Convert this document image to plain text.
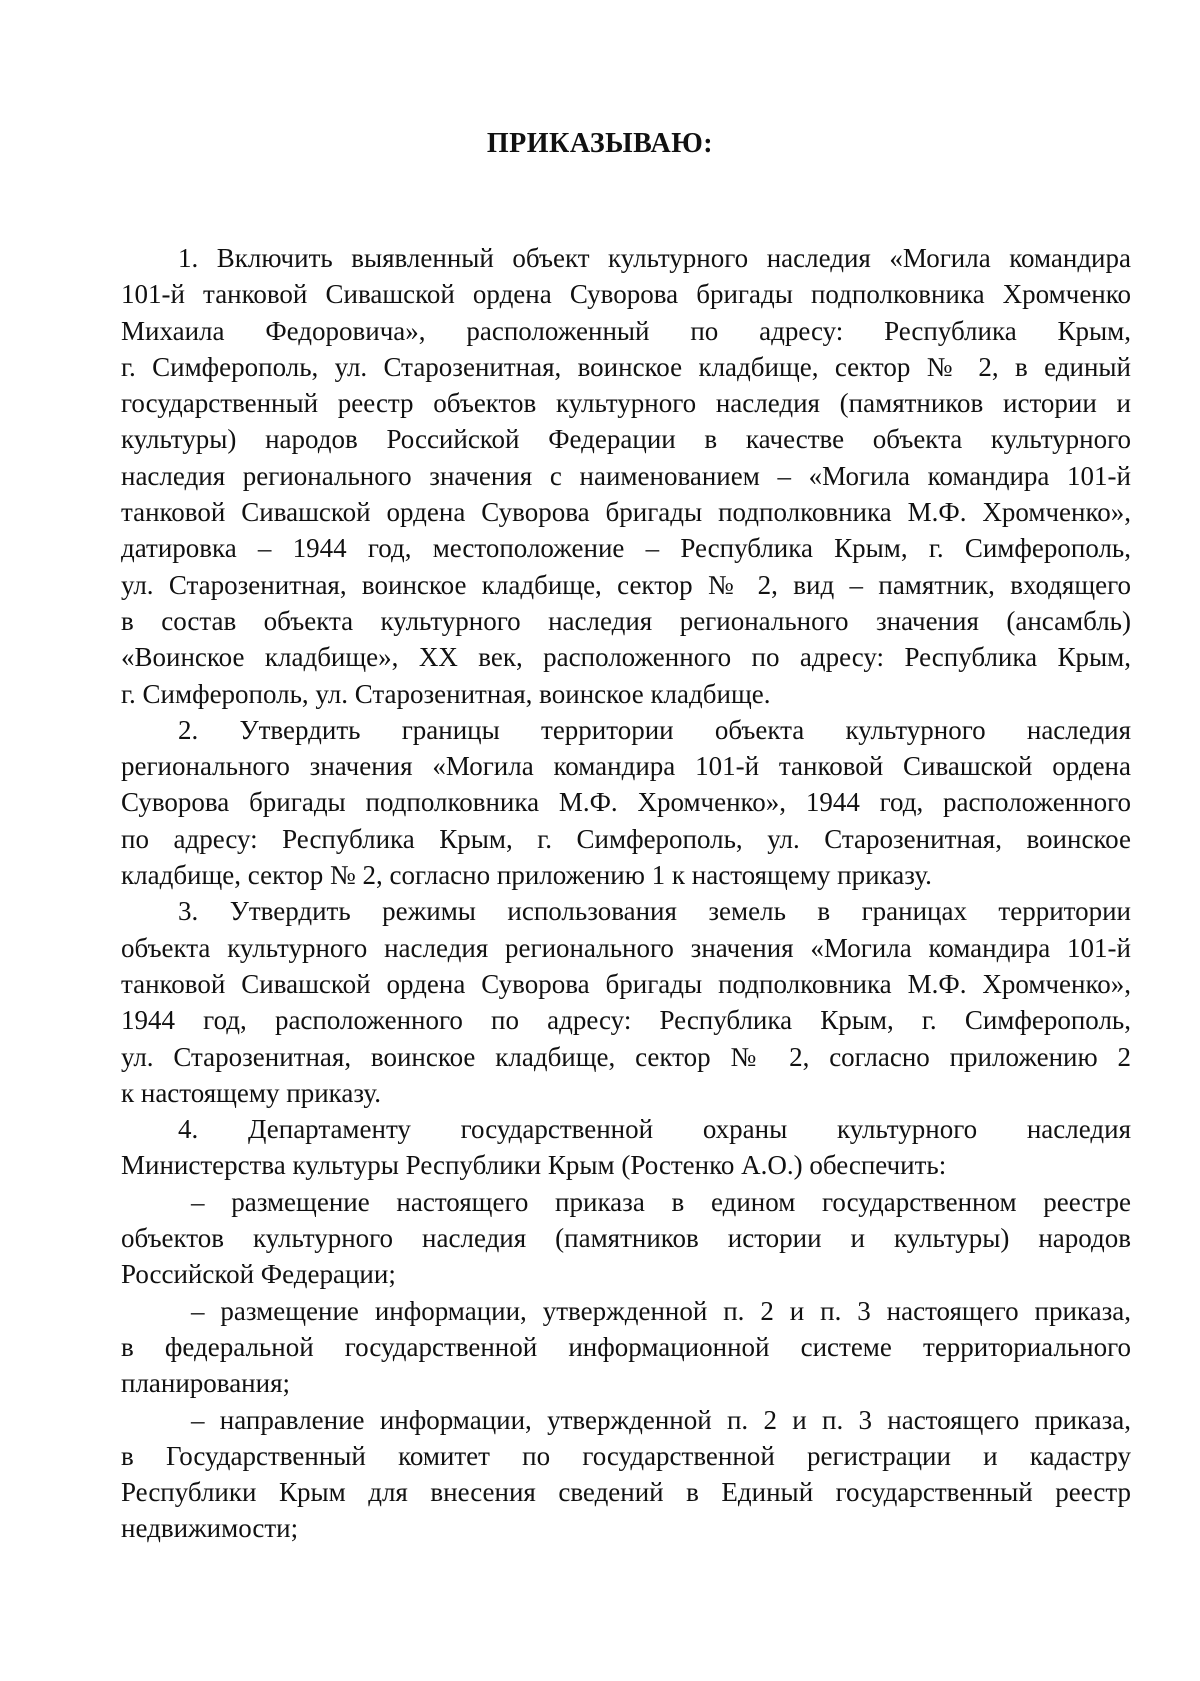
ПРИКАЗЫВАЮ:
1. Включить выявленный объект культурного наследия «Могила командира
101-й танковой Сивашской ордена Суворова бригады подполковника Хромченко
Михаила Федоровича», расположенный по адресу: Республика Крым,
г. Симферополь, ул. Старозенитная, воинское кладбище, сектор № 2, в единый
государственный реестр объектов культурного наследия (памятников истории и
культуры) народов Российской Федерации в качестве объекта культурного
наследия регионального значения с наименованием – «Могила командира 101-й
танковой Сивашской ордена Суворова бригады подполковника М.Ф. Хромченко»,
датировка – 1944 год, местоположение – Республика Крым, г. Симферополь,
ул. Старозенитная, воинское кладбище, сектор № 2, вид – памятник, входящего
в состав объекта культурного наследия регионального значения (ансамбль)
«Воинское кладбище», XX век, расположенного по адресу: Республика Крым,
г. Симферополь, ул. Старозенитная, воинское кладбище.
2. Утвердить границы территории объекта культурного наследия
регионального значения «Могила командира 101-й танковой Сивашской ордена
Суворова бригады подполковника М.Ф. Хромченко», 1944 год, расположенного
по адресу: Республика Крым, г. Симферополь, ул. Старозенитная, воинское
кладбище, сектор № 2, согласно приложению 1 к настоящему приказу.
3. Утвердить режимы использования земель в границах территории
объекта культурного наследия регионального значения «Могила командира 101-й
танковой Сивашской ордена Суворова бригады подполковника М.Ф. Хромченко»,
1944 год, расположенного по адресу: Республика Крым, г. Симферополь,
ул. Старозенитная, воинское кладбище, сектор № 2, согласно приложению 2
к настоящему приказу.
4. Департаменту государственной охраны культурного наследия
Министерства культуры Республики Крым (Ростенко А.О.) обеспечить:
– размещение настоящего приказа в едином государственном реестре
объектов культурного наследия (памятников истории и культуры) народов
Российской Федерации;
– размещение информации, утвержденной п. 2 и п. 3 настоящего приказа,
в федеральной государственной информационной системе территориального
планирования;
– направление информации, утвержденной п. 2 и п. 3 настоящего приказа,
в Государственный комитет по государственной регистрации и кадастру
Республики Крым для внесения сведений в Единый государственный реестр
недвижимости;
